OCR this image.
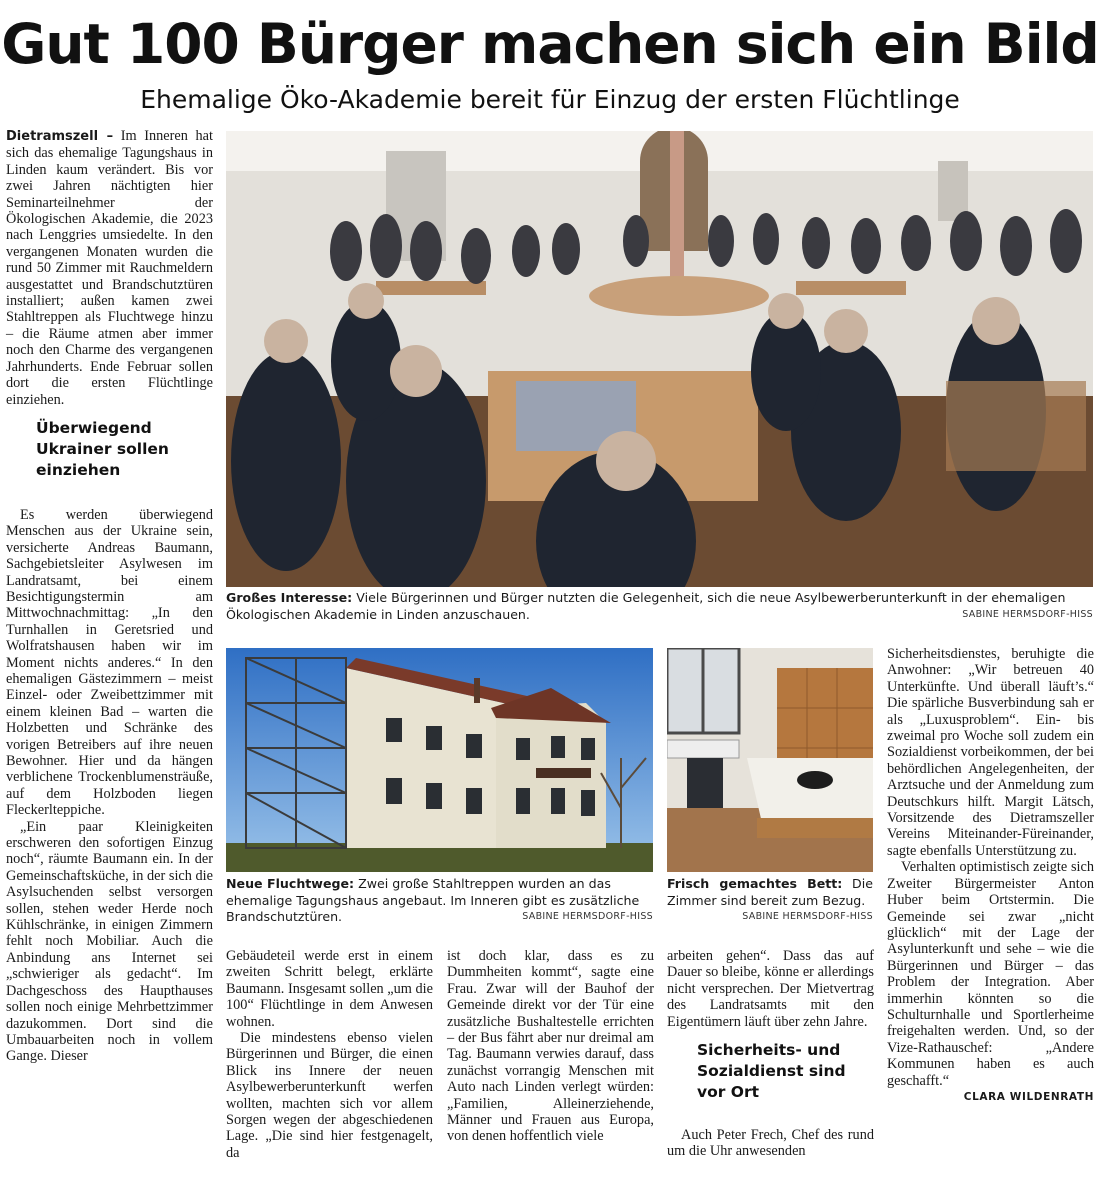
Gut 100 Bürger machen sich ein Bild
Ehemalige Öko-Akademie bereit für Einzug der ersten Flüchtlinge

Dietramszell – Im Inneren hat sich das ehemalige Tagungshaus in Linden kaum verändert. Bis vor zwei Jahren nächtigten hier Seminarteilnehmer der Ökologischen Akademie, die 2023 nach Lenggries umsiedelte. In den vergangenen Monaten wurden die rund 50 Zimmer mit Rauchmeldern ausgestattet und Brandschutztüren installiert; außen kamen zwei Stahltreppen als Fluchtwege hinzu – die Räume atmen aber immer noch den Charme des vergangenen Jahrhunderts. Ende Februar sollen dort die ersten Flüchtlinge einziehen.

Überwiegend Ukrainer sollen einziehen

Es werden überwiegend Menschen aus der Ukraine sein, versicherte Andreas Baumann, Sachgebietsleiter Asylwesen im Landratsamt, bei einem Besichtigungstermin am Mittwochnachmittag: „In den Turnhallen in Geretsried und Wolfratshausen haben wir im Moment nichts anderes.“ In den ehemaligen Gästezimmern – meist Einzel- oder Zweibettzimmer mit einem kleinen Bad – warten die Holzbetten und Schränke des vorigen Betreibers auf ihre neuen Bewohner. Hier und da hängen verblichene Trockenblumensträuße, auf dem Holzboden liegen Fleckerlteppiche.

„Ein paar Kleinigkeiten erschweren den sofortigen Einzug noch“, räumte Baumann ein. In der Gemeinschaftsküche, in der sich die Asylsuchenden selbst versorgen sollen, stehen weder Herde noch Kühlschränke, in einigen Zimmern fehlt noch Mobiliar. Auch die Anbindung ans Internet sei „schwieriger als gedacht“. Im Dachgeschoss des Haupthauses sollen noch einige Mehrbettzimmer dazukommen. Dort sind die Umbauarbeiten noch in vollem Gange. Dieser

Großes Interesse: Viele Bürgerinnen und Bürger nutzten die Gelegenheit, sich die neue Asylbewerberunterkunft in der ehemaligen Ökologischen Akademie in Linden anzuschauen.	SABINE HERMSDORF-HISS
Neue Fluchtwege: Zwei große Stahltreppen wurden an das ehemalige Tagungshaus angebaut. Im Inneren gibt es zusätzliche Brandschutztüren.	SABINE HERMSDORF-HISS
Frisch gemachtes Bett: Die Zimmer sind bereit zum Bezug.
SABINE HERMSDORF-HISS

Gebäudeteil werde erst in einem zweiten Schritt belegt, erklärte Baumann. Insgesamt sollen „um die 100“ Flüchtlinge in dem Anwesen wohnen.

Die mindestens ebenso vielen Bürgerinnen und Bürger, die einen Blick ins Innere der neuen Asylbewerberunterkunft werfen wollten, machten sich vor allem Sorgen wegen der abgeschiedenen Lage. „Die sind hier festgenagelt, da

ist doch klar, dass es zu Dummheiten kommt“, sagte eine Frau. Zwar will der Bauhof der Gemeinde direkt vor der Tür eine zusätzliche Bushaltestelle errichten – der Bus fährt aber nur dreimal am Tag. Baumann verwies darauf, dass zunächst vorrangig Menschen mit Auto nach Linden verlegt würden: „Familien, Alleinerziehende, Männer und Frauen aus Europa, von denen hoffentlich viele

arbeiten gehen“. Dass das auf Dauer so bleibe, könne er allerdings nicht versprechen. Der Mietvertrag des Landratsamts mit den Eigentümern läuft über zehn Jahre.

Sicherheits- und Sozialdienst sind vor Ort

Auch Peter Frech, Chef des rund um die Uhr anwesenden

Sicherheitsdienstes, beruhigte die Anwohner: „Wir betreuen 40 Unterkünfte. Und überall läuft’s.“ Die spärliche Busverbindung sah er als „Luxusproblem“. Ein- bis zweimal pro Woche soll zudem ein Sozialdienst vorbeikommen, der bei behördlichen Angelegenheiten, der Arztsuche und der Anmeldung zum Deutschkurs hilft. Margit Lätsch, Vorsitzende des Dietramszeller Vereins Miteinander-Füreinander, sagte ebenfalls Unterstützung zu.

Verhalten optimistisch zeigte sich Zweiter Bürgermeister Anton Huber beim Ortstermin. Die Gemeinde sei zwar „nicht glücklich“ mit der Lage der Asylunterkunft und sehe – wie die Bürgerinnen und Bürger – das Problem der Integration. Aber immerhin könnten so die Schulturnhalle und Sportlerheime freigehalten werden. Und, so der Vize-Rathauschef: „Andere Kommunen haben es auch geschafft.“

CLARA WILDENRATH
